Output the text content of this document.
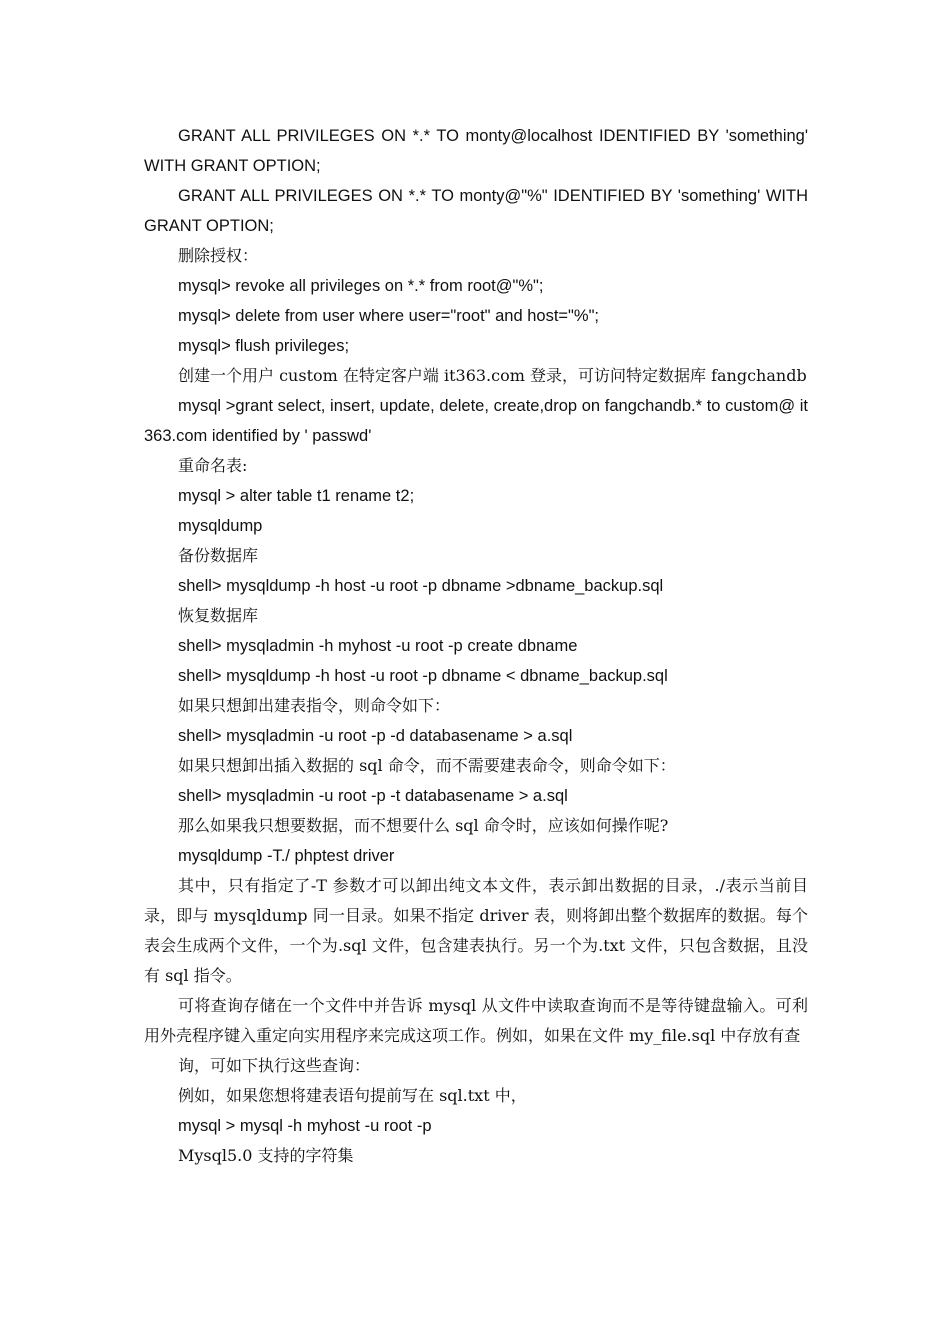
GRANT ALL PRIVILEGES ON *.* TO monty@localhost IDENTIFIED BY 'something' WITH GRANT OPTION;

GRANT ALL PRIVILEGES ON *.* TO monty@"%" IDENTIFIED BY 'something' WITH GRANT OPTION;

删除授权：

mysql> revoke all privileges on *.* from root@"%";

mysql> delete from user where user="root" and host="%";

mysql> flush privileges;

创建一个用户 custom 在特定客户端 it363.com 登录，可访问特定数据库 fangchandb

mysql >grant select, insert, update, delete, create,drop on fangchandb.* to custom@ it363.com identified by ' passwd'

重命名表:

mysql > alter table t1 rename t2;

mysqldump

备份数据库

shell> mysqldump -h host -u root -p dbname >dbname_backup.sql

恢复数据库

shell> mysqladmin -h myhost -u root -p create dbname

shell> mysqldump -h host -u root -p dbname < dbname_backup.sql

如果只想卸出建表指令，则命令如下：

shell> mysqladmin -u root -p -d databasename > a.sql

如果只想卸出插入数据的 sql 命令，而不需要建表命令，则命令如下：

shell> mysqladmin -u root -p -t databasename > a.sql

那么如果我只想要数据，而不想要什么 sql 命令时，应该如何操作呢?

mysqldump -T./ phptest driver

其中，只有指定了-T 参数才可以卸出纯文本文件，表示卸出数据的目录，./表示当前目录，即与 mysqldump 同一目录。如果不指定 driver 表，则将卸出整个数据库的数据。每个表会生成两个文件，一个为.sql 文件，包含建表执行。另一个为.txt 文件，只包含数据，且没有 sql 指令。

可将查询存储在一个文件中并告诉 mysql 从文件中读取查询而不是等待键盘输入。可利用外壳程序键入重定向实用程序来完成这项工作。例如，如果在文件 my_file.sql 中存放有查

询，可如下执行这些查询：

例如，如果您想将建表语句提前写在 sql.txt 中，

mysql > mysql -h myhost -u root -p

Mysql5.0 支持的字符集
